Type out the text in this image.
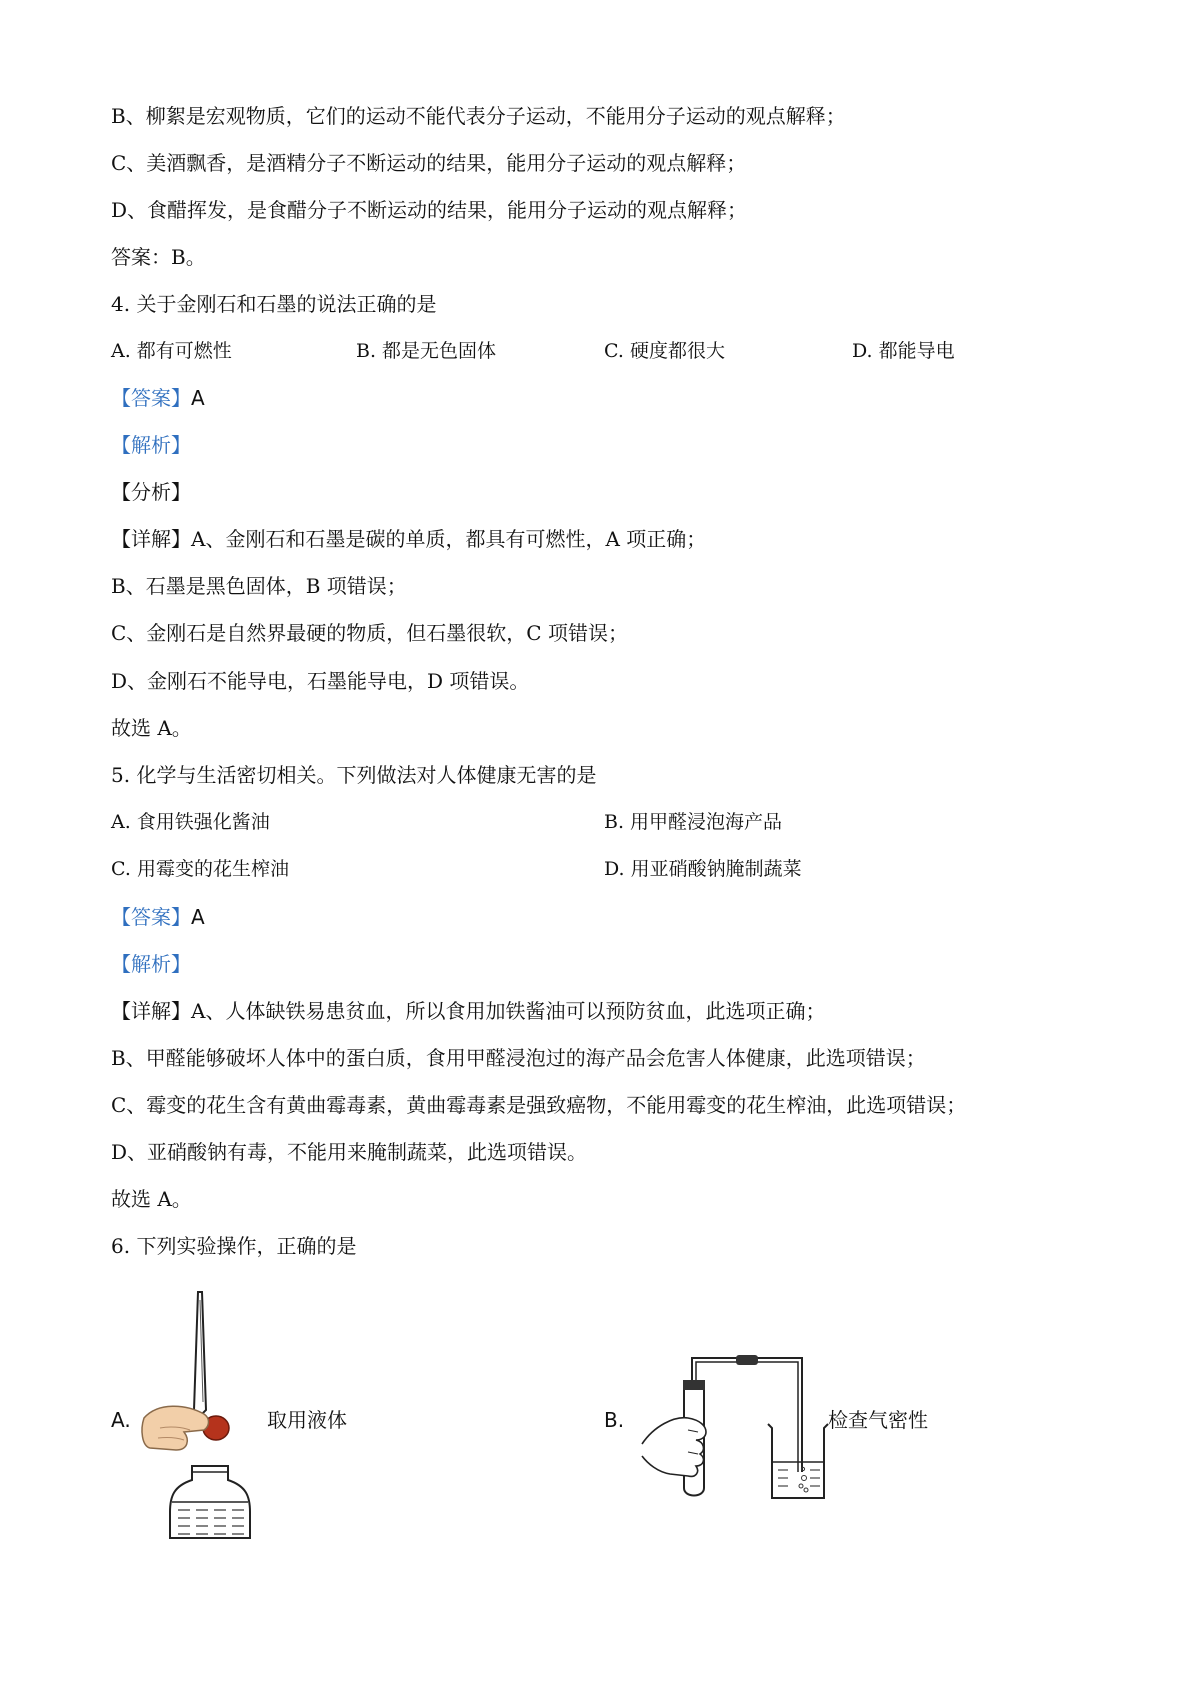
B、柳絮是宏观物质，它们的运动不能代表分子运动，不能用分子运动的观点解释；
C、美酒飘香，是酒精分子不断运动的结果，能用分子运动的观点解释；
D、食醋挥发，是食醋分子不断运动的结果，能用分子运动的观点解释；
答案：B。
4. 关于金刚石和石墨的说法正确的是
A. 都有可燃性	B. 都是无色固体	C. 硬度都很大	D. 都能导电
【答案】A
【解析】
【分析】
【详解】A、金刚石和石墨是碳的单质，都具有可燃性，A 项正确；
B、石墨是黑色固体，B 项错误；
C、金刚石是自然界最硬的物质，但石墨很软，C 项错误；
D、金刚石不能导电，石墨能导电，D 项错误。
故选 A。
5. 化学与生活密切相关。下列做法对人体健康无害的是
A. 食用铁强化酱油	B. 用甲醛浸泡海产品
C. 用霉变的花生榨油	D. 用亚硝酸钠腌制蔬菜
【答案】A
【解析】
【详解】A、人体缺铁易患贫血，所以食用加铁酱油可以预防贫血，此选项正确；
B、甲醛能够破坏人体中的蛋白质，食用甲醛浸泡过的海产品会危害人体健康，此选项错误；
C、霉变的花生含有黄曲霉毒素，黄曲霉毒素是强致癌物，不能用霉变的花生榨油，此选项错误；
D、亚硝酸钠有毒，不能用来腌制蔬菜，此选项错误。
故选 A。
6. 下列实验操作，正确的是
A.	取用液体	B.	检查气密性
